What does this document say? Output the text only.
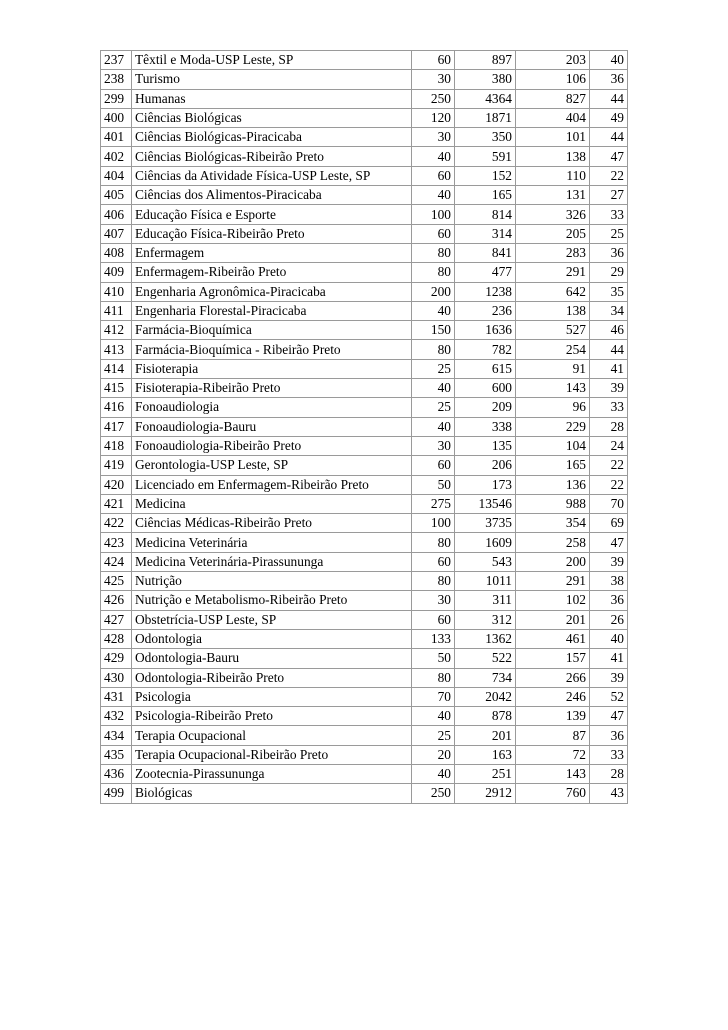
237	Têxtil e Moda-USP Leste, SP	60	897	203	40
238	Turismo	30	380	106	36
299	Humanas	250	4364	827	44
400	Ciências Biológicas	120	1871	404	49
401	Ciências Biológicas-Piracicaba	30	350	101	44
402	Ciências Biológicas-Ribeirão Preto	40	591	138	47
404	Ciências da Atividade Física-USP Leste, SP	60	152	110	22
405	Ciências dos Alimentos-Piracicaba	40	165	131	27
406	Educação Física e Esporte	100	814	326	33
407	Educação Física-Ribeirão Preto	60	314	205	25
408	Enfermagem	80	841	283	36
409	Enfermagem-Ribeirão Preto	80	477	291	29
410	Engenharia Agronômica-Piracicaba	200	1238	642	35
411	Engenharia Florestal-Piracicaba	40	236	138	34
412	Farmácia-Bioquímica	150	1636	527	46
413	Farmácia-Bioquímica - Ribeirão Preto	80	782	254	44
414	Fisioterapia	25	615	91	41
415	Fisioterapia-Ribeirão Preto	40	600	143	39
416	Fonoaudiologia	25	209	96	33
417	Fonoaudiologia-Bauru	40	338	229	28
418	Fonoaudiologia-Ribeirão Preto	30	135	104	24
419	Gerontologia-USP Leste, SP	60	206	165	22
420	Licenciado em Enfermagem-Ribeirão Preto	50	173	136	22
421	Medicina	275	13546	988	70
422	Ciências Médicas-Ribeirão Preto	100	3735	354	69
423	Medicina Veterinária	80	1609	258	47
424	Medicina Veterinária-Pirassununga	60	543	200	39
425	Nutrição	80	1011	291	38
426	Nutrição e Metabolismo-Ribeirão Preto	30	311	102	36
427	Obstetrícia-USP Leste, SP	60	312	201	26
428	Odontologia	133	1362	461	40
429	Odontologia-Bauru	50	522	157	41
430	Odontologia-Ribeirão Preto	80	734	266	39
431	Psicologia	70	2042	246	52
432	Psicologia-Ribeirão Preto	40	878	139	47
434	Terapia Ocupacional	25	201	87	36
435	Terapia Ocupacional-Ribeirão Preto	20	163	72	33
436	Zootecnia-Pirassununga	40	251	143	28
499	Biológicas	250	2912	760	43
